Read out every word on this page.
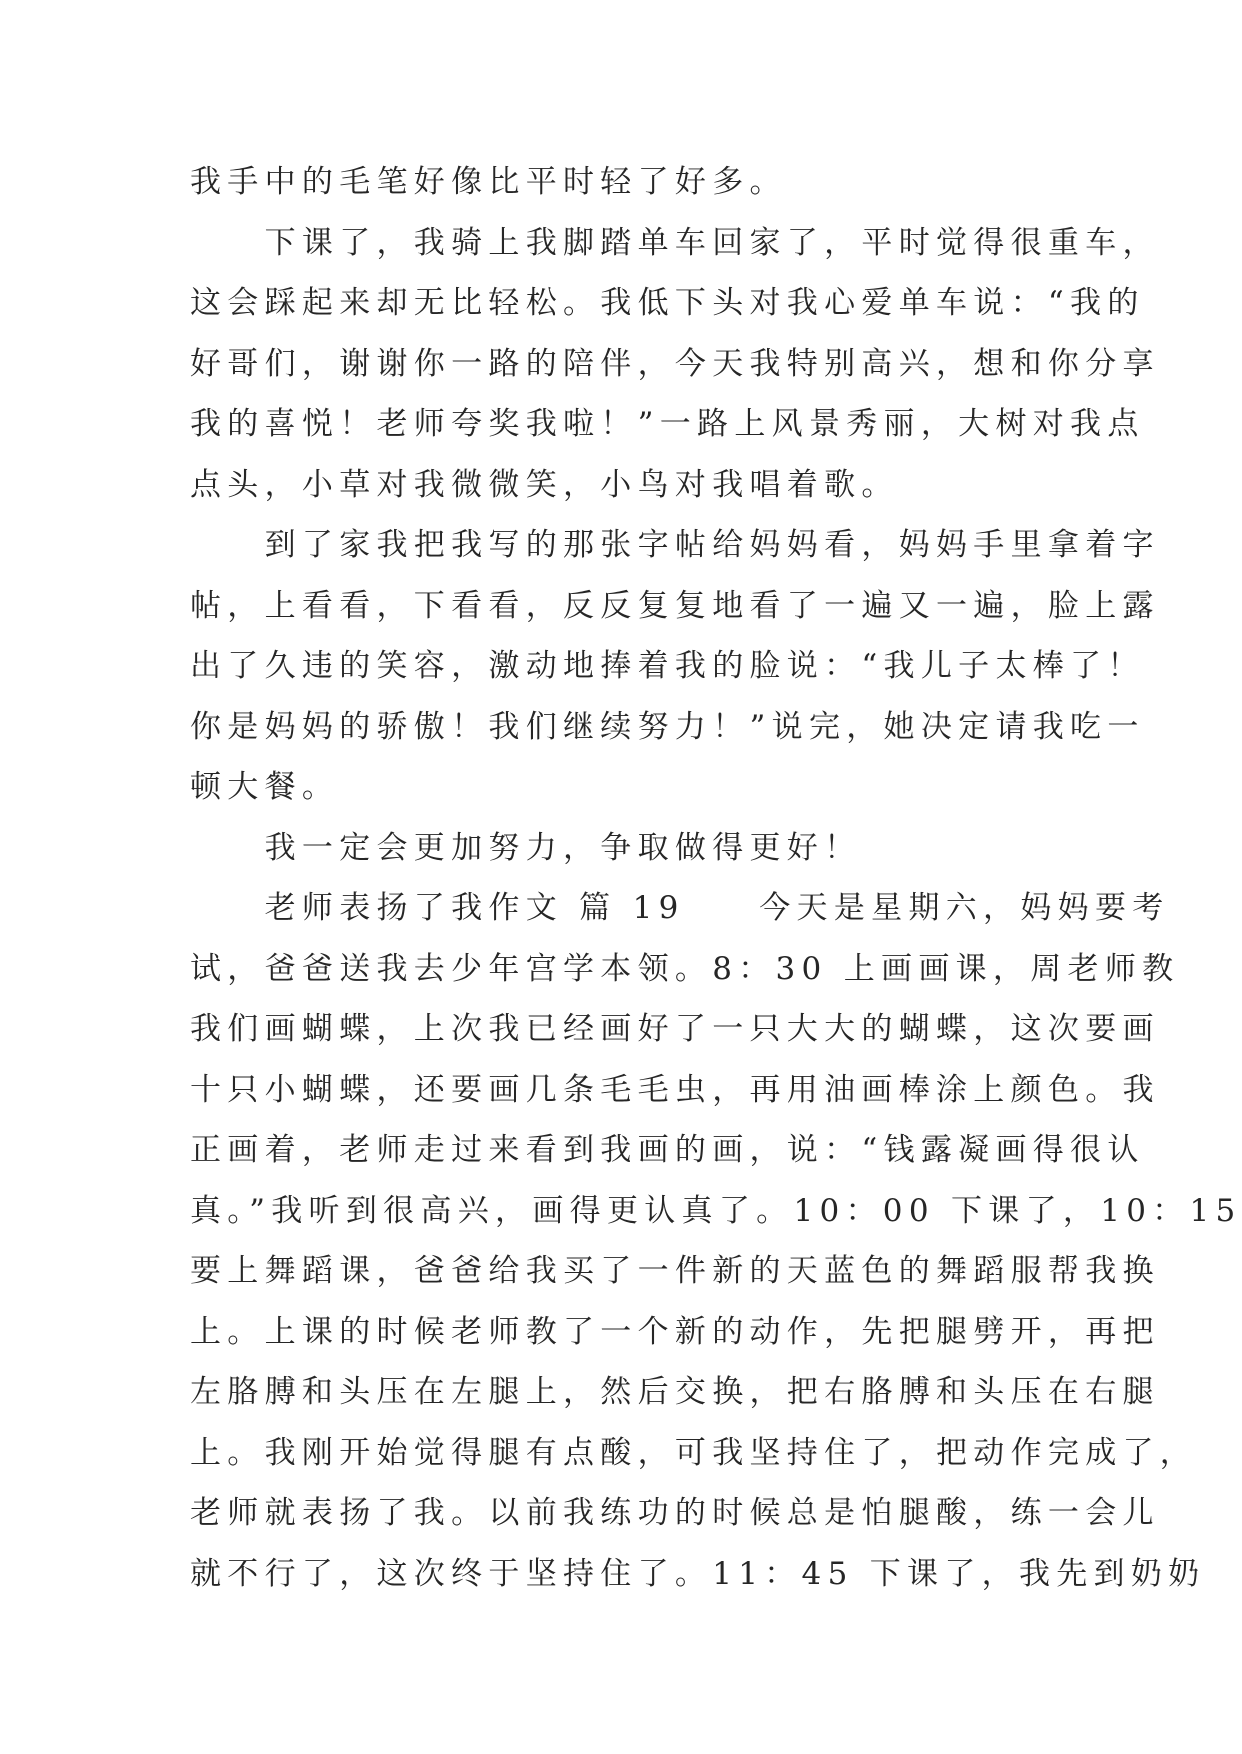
我手中的毛笔好像比平时轻了好多。
　　下课了，我骑上我脚踏单车回家了，平时觉得很重车，
这会踩起来却无比轻松。我低下头对我心爱单车说：“我的
好哥们，谢谢你一路的陪伴，今天我特别高兴，想和你分享
我的喜悦！老师夸奖我啦！”一路上风景秀丽，大树对我点
点头，小草对我微微笑，小鸟对我唱着歌。
　　到了家我把我写的那张字帖给妈妈看，妈妈手里拿着字
帖，上看看，下看看，反反复复地看了一遍又一遍，脸上露
出了久违的笑容，激动地捧着我的脸说：“我儿子太棒了！
你是妈妈的骄傲！我们继续努力！”说完，她决定请我吃一
顿大餐。
　　我一定会更加努力，争取做得更好！
　　老师表扬了我作文 篇 19　　今天是星期六，妈妈要考
试，爸爸送我去少年宫学本领。8：30 上画画课，周老师教
我们画蝴蝶，上次我已经画好了一只大大的蝴蝶，这次要画
十只小蝴蝶，还要画几条毛毛虫，再用油画棒涂上颜色。我
正画着，老师走过来看到我画的画，说：“钱露凝画得很认
真。”我听到很高兴，画得更认真了。10：00 下课了，10：15
要上舞蹈课，爸爸给我买了一件新的天蓝色的舞蹈服帮我换
上。上课的时候老师教了一个新的动作，先把腿劈开，再把
左胳膊和头压在左腿上，然后交换，把右胳膊和头压在右腿
上。我刚开始觉得腿有点酸，可我坚持住了，把动作完成了，
老师就表扬了我。以前我练功的时候总是怕腿酸，练一会儿
就不行了，这次终于坚持住了。11：45 下课了，我先到奶奶
